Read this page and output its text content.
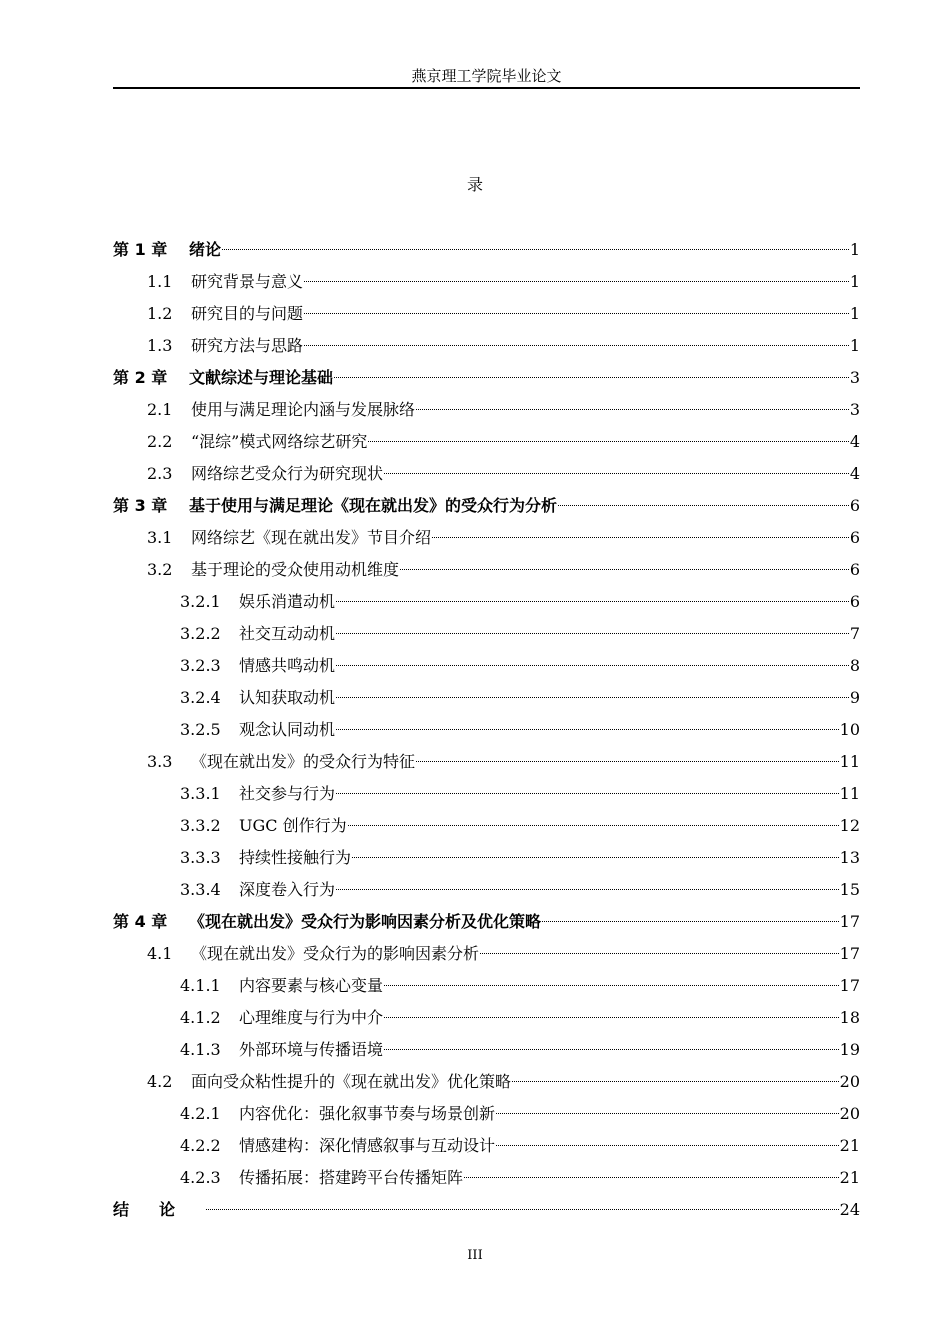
燕京理工学院毕业论文
录
第 1 章	绪论	1
1.1	研究背景与意义	1
1.2	研究目的与问题	1
1.3	研究方法与思路	1
第 2 章	文献综述与理论基础	3
2.1	使用与满足理论内涵与发展脉络	3
2.2	“混综”模式网络综艺研究	4
2.3	网络综艺受众行为研究现状	4
第 3 章	基于使用与满足理论《现在就出发》的受众行为分析	6
3.1	网络综艺《现在就出发》节目介绍	6
3.2	基于理论的受众使用动机维度	6
3.2.1	娱乐消遣动机	6
3.2.2	社交互动动机	7
3.2.3	情感共鸣动机	8
3.2.4	认知获取动机	9
3.2.5	观念认同动机	10
3.3	《现在就出发》的受众行为特征	11
3.3.1	社交参与行为	11
3.3.2	UGC 创作行为	12
3.3.3	持续性接触行为	13
3.3.4	深度卷入行为	15
第 4 章	《现在就出发》受众行为影响因素分析及优化策略	17
4.1	《现在就出发》受众行为的影响因素分析	17
4.1.1	内容要素与核心变量	17
4.1.2	心理维度与行为中介	18
4.1.3	外部环境与传播语境	19
4.2	面向受众粘性提升的《现在就出发》优化策略	20
4.2.1	内容优化：强化叙事节奏与场景创新	20
4.2.2	情感建构：深化情感叙事与互动设计	21
4.2.3	传播拓展：搭建跨平台传播矩阵	21
结论	24
III
